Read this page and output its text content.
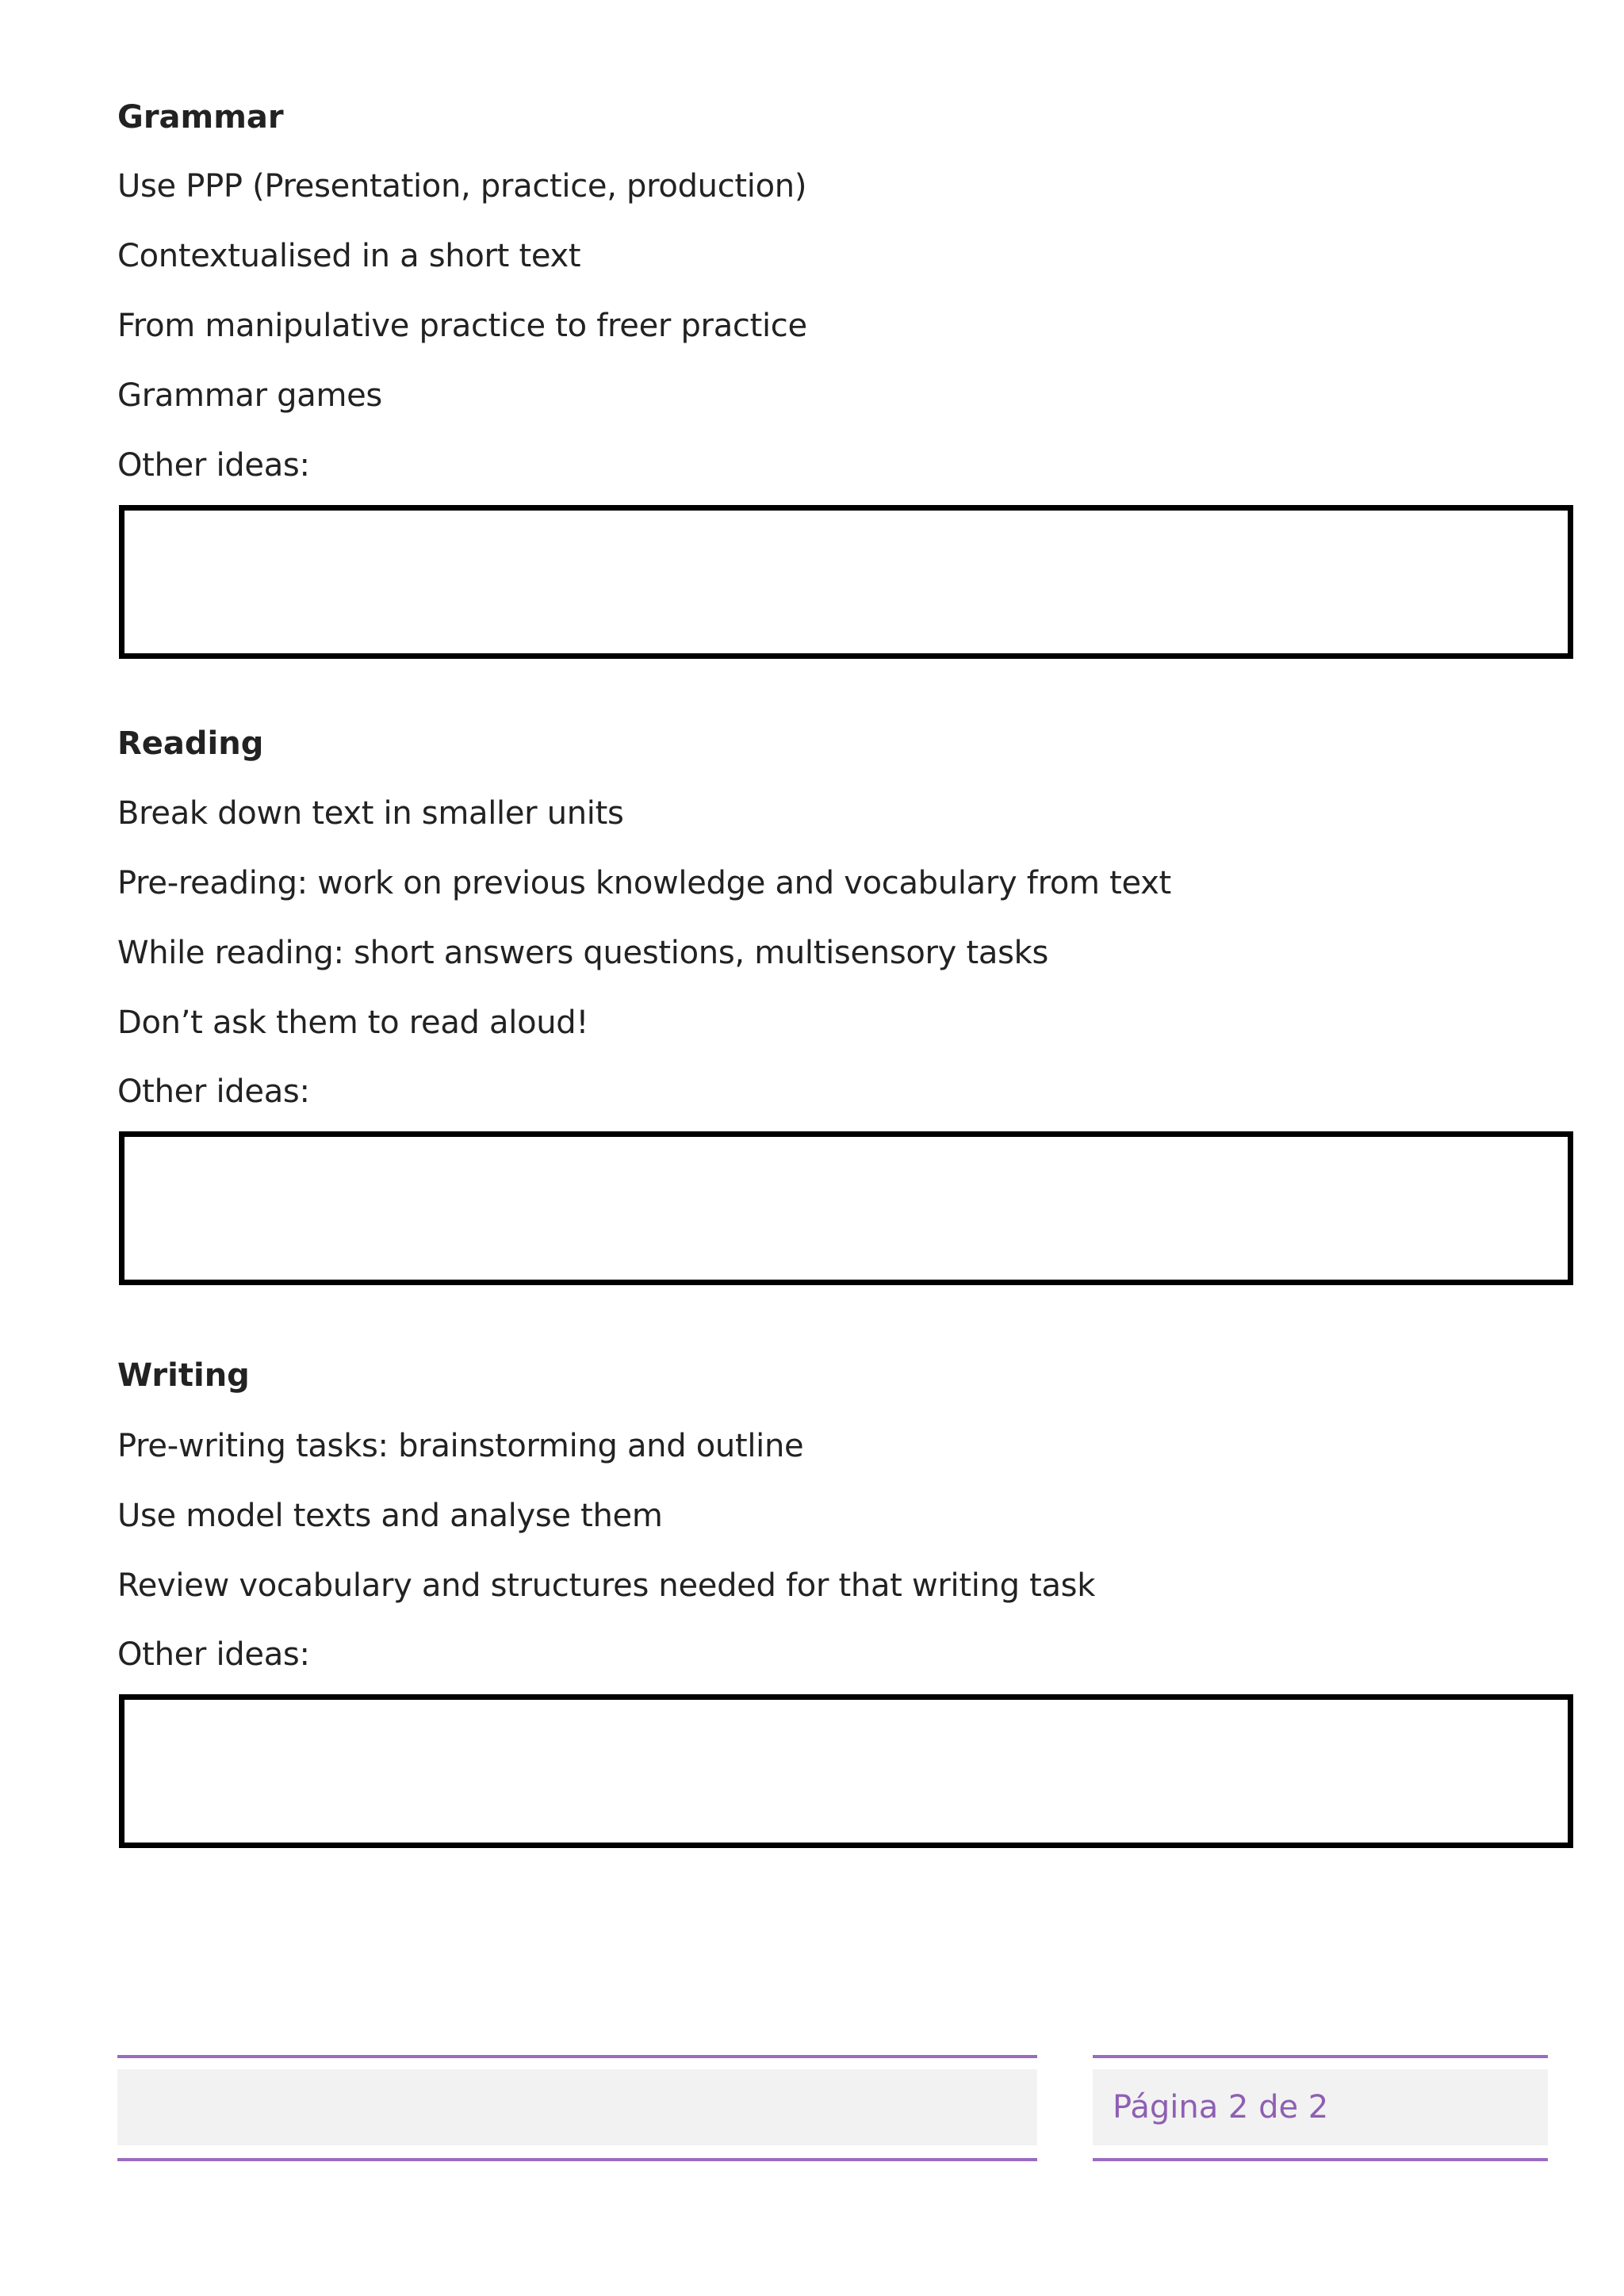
Grammar
Use PPP (Presentation, practice, production)
Contextualised in a short text
From manipulative practice to freer practice
Grammar games
Other ideas:
Reading
Break down text in smaller units
Pre-reading: work on previous knowledge and vocabulary from text
While reading: short answers questions, multisensory tasks
Don’t ask them to read aloud!
Other ideas:
Writing
Pre-writing tasks: brainstorming and outline
Use model texts and analyse them
Review vocabulary and structures needed for that writing task
Other ideas:
Página 2 de 2
